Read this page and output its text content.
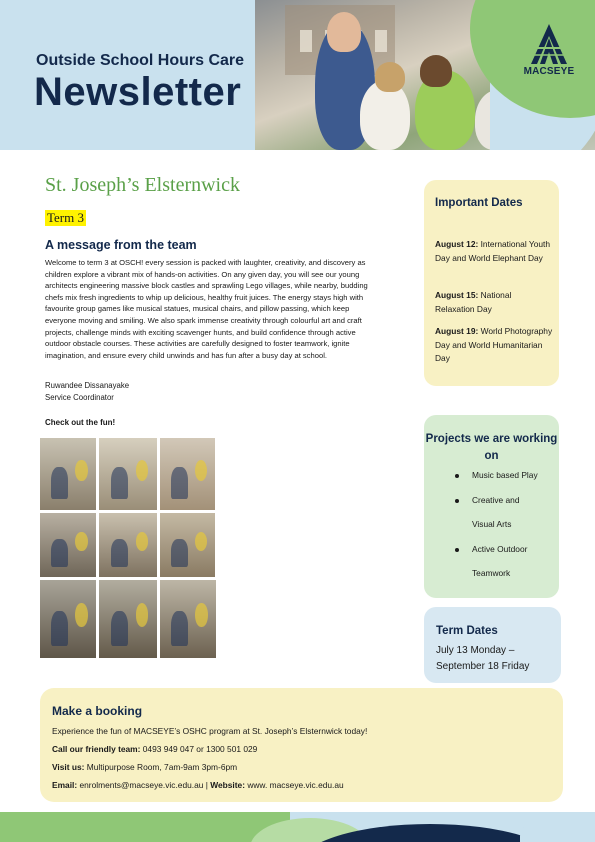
MACSEYE
Outside School Hours Care
Newsletter
St. Joseph’s Elsternwick
Term 3
A message from the team
Welcome to term 3 at OSCH! every session is packed with laughter, creativity, and discovery as children explore a vibrant mix of hands-on activities. On any given day, you will see our young architects engineering massive block castles and sprawling Lego villages, while nearby, budding chefs mix fresh ingredients to whip up delicious, healthy fruit juices. The energy stays high with favourite group games like musical statues, musical chairs, and pillow passing, which keep everyone moving and smiling. We also spark immense creativity through colourful art and craft projects, challenge minds with exciting scavenger hunts, and build confidence through active outdoor obstacle courses. These activities are carefully designed to foster teamwork, ignite imagination, and ensure every child unwinds and has fun after a busy day at school.
Ruwandee Dissanayake
Service Coordinator
Check out the fun!
Important Dates
August 12: International Youth Day and World Elephant Day
August 15: National Relaxation Day
August 19: World Photography Day and World Humanitarian Day
Projects we are working on
Music based Play
Creative and
Visual Arts
Active Outdoor
Teamwork
Term Dates
July 13 Monday – September 18 Friday
Make a booking
Experience the fun of MACSEYE’s OSHC program at St. Joseph’s Elsternwick today!
Call our friendly team: 0493 949 047 or 1300 501 029
Visit us: Multipurpose Room, 7am-9am 3pm-6pm
Email: enrolments@macseye.vic.edu.au | Website: www. macseye.vic.edu.au
